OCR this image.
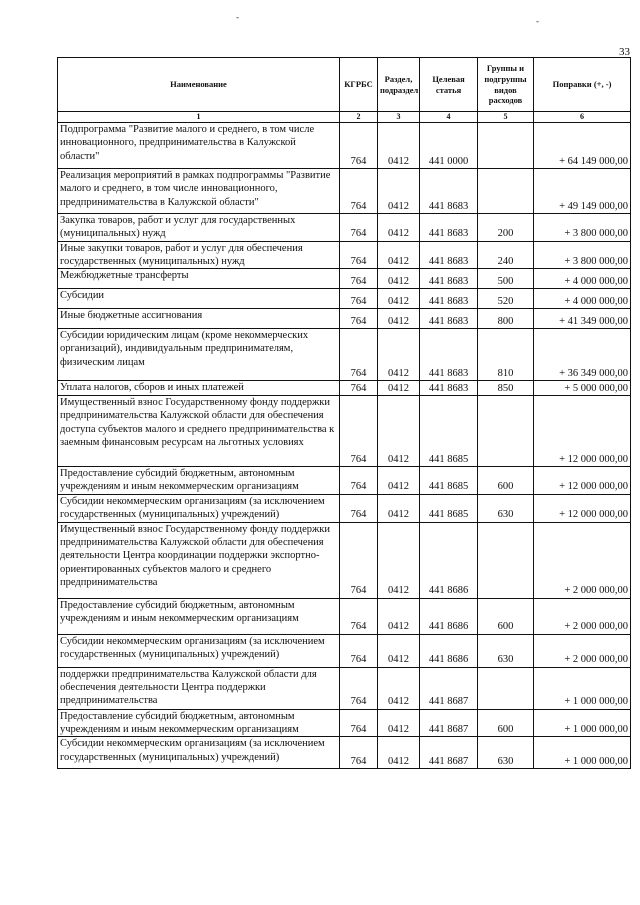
-	-
33
Наименование	КГРБС	Раздел, подраздел	Целевая статья	Группы и подгруппы видов расходов	Поправки (+, -)
1	2	3	4	5	6
Подпрограмма "Развитие малого и среднего, в том числе инновационного, предпринимательства в Калужской области"	764	0412	441 0000		+ 64 149 000,00
Реализация мероприятий в рамках подпрограммы "Развитие малого и среднего, в том числе инновационного, предпринимательства в Калужской области"	764	0412	441 8683		+ 49 149 000,00
Закупка товаров, работ и услуг для государственных (муниципальных) нужд	764	0412	441 8683	200	+ 3 800 000,00
Иные закупки товаров, работ и услуг для обеспечения государственных (муниципальных) нужд	764	0412	441 8683	240	+ 3 800 000,00
Межбюджетные трансферты	764	0412	441 8683	500	+ 4 000 000,00
Субсидии	764	0412	441 8683	520	+ 4 000 000,00
Иные бюджетные ассигнования	764	0412	441 8683	800	+ 41 349 000,00
Субсидии юридическим лицам (кроме некоммерческих организаций), индивидуальным предпринимателям, физическим лицам	764	0412	441 8683	810	+ 36 349 000,00
Уплата налогов, сборов и иных платежей	764	0412	441 8683	850	+ 5 000 000,00
Имущественный взнос Государственному фонду поддержки предпринимательства Калужской области для обеспечения доступа субъектов малого и среднего предпринимательства к заемным финансовым ресурсам на льготных условиях	764	0412	441 8685		+ 12 000 000,00
Предоставление субсидий бюджетным, автономным учреждениям и иным некоммерческим организациям	764	0412	441 8685	600	+ 12 000 000,00
Субсидии некоммерческим организациям (за исключением государственных (муниципальных) учреждений)	764	0412	441 8685	630	+ 12 000 000,00
Имущественный взнос Государственному фонду поддержки предпринимательства Калужской области для обеспечения деятельности Центра координации поддержки экспортно-ориентированных субъектов малого и среднего предпринимательства	764	0412	441 8686		+ 2 000 000,00
Предоставление субсидий бюджетным, автономным учреждениям и иным некоммерческим организациям	764	0412	441 8686	600	+ 2 000 000,00
Субсидии некоммерческим организациям (за исключением государственных (муниципальных) учреждений)	764	0412	441 8686	630	+ 2 000 000,00
поддержки предпринимательства Калужской области для обеспечения деятельности Центра поддержки предпринимательства	764	0412	441 8687		+ 1 000 000,00
Предоставление субсидий бюджетным, автономным учреждениям и иным некоммерческим организациям	764	0412	441 8687	600	+ 1 000 000,00
Субсидии некоммерческим организациям (за исключением государственных (муниципальных) учреждений)	764	0412	441 8687	630	+ 1 000 000,00
